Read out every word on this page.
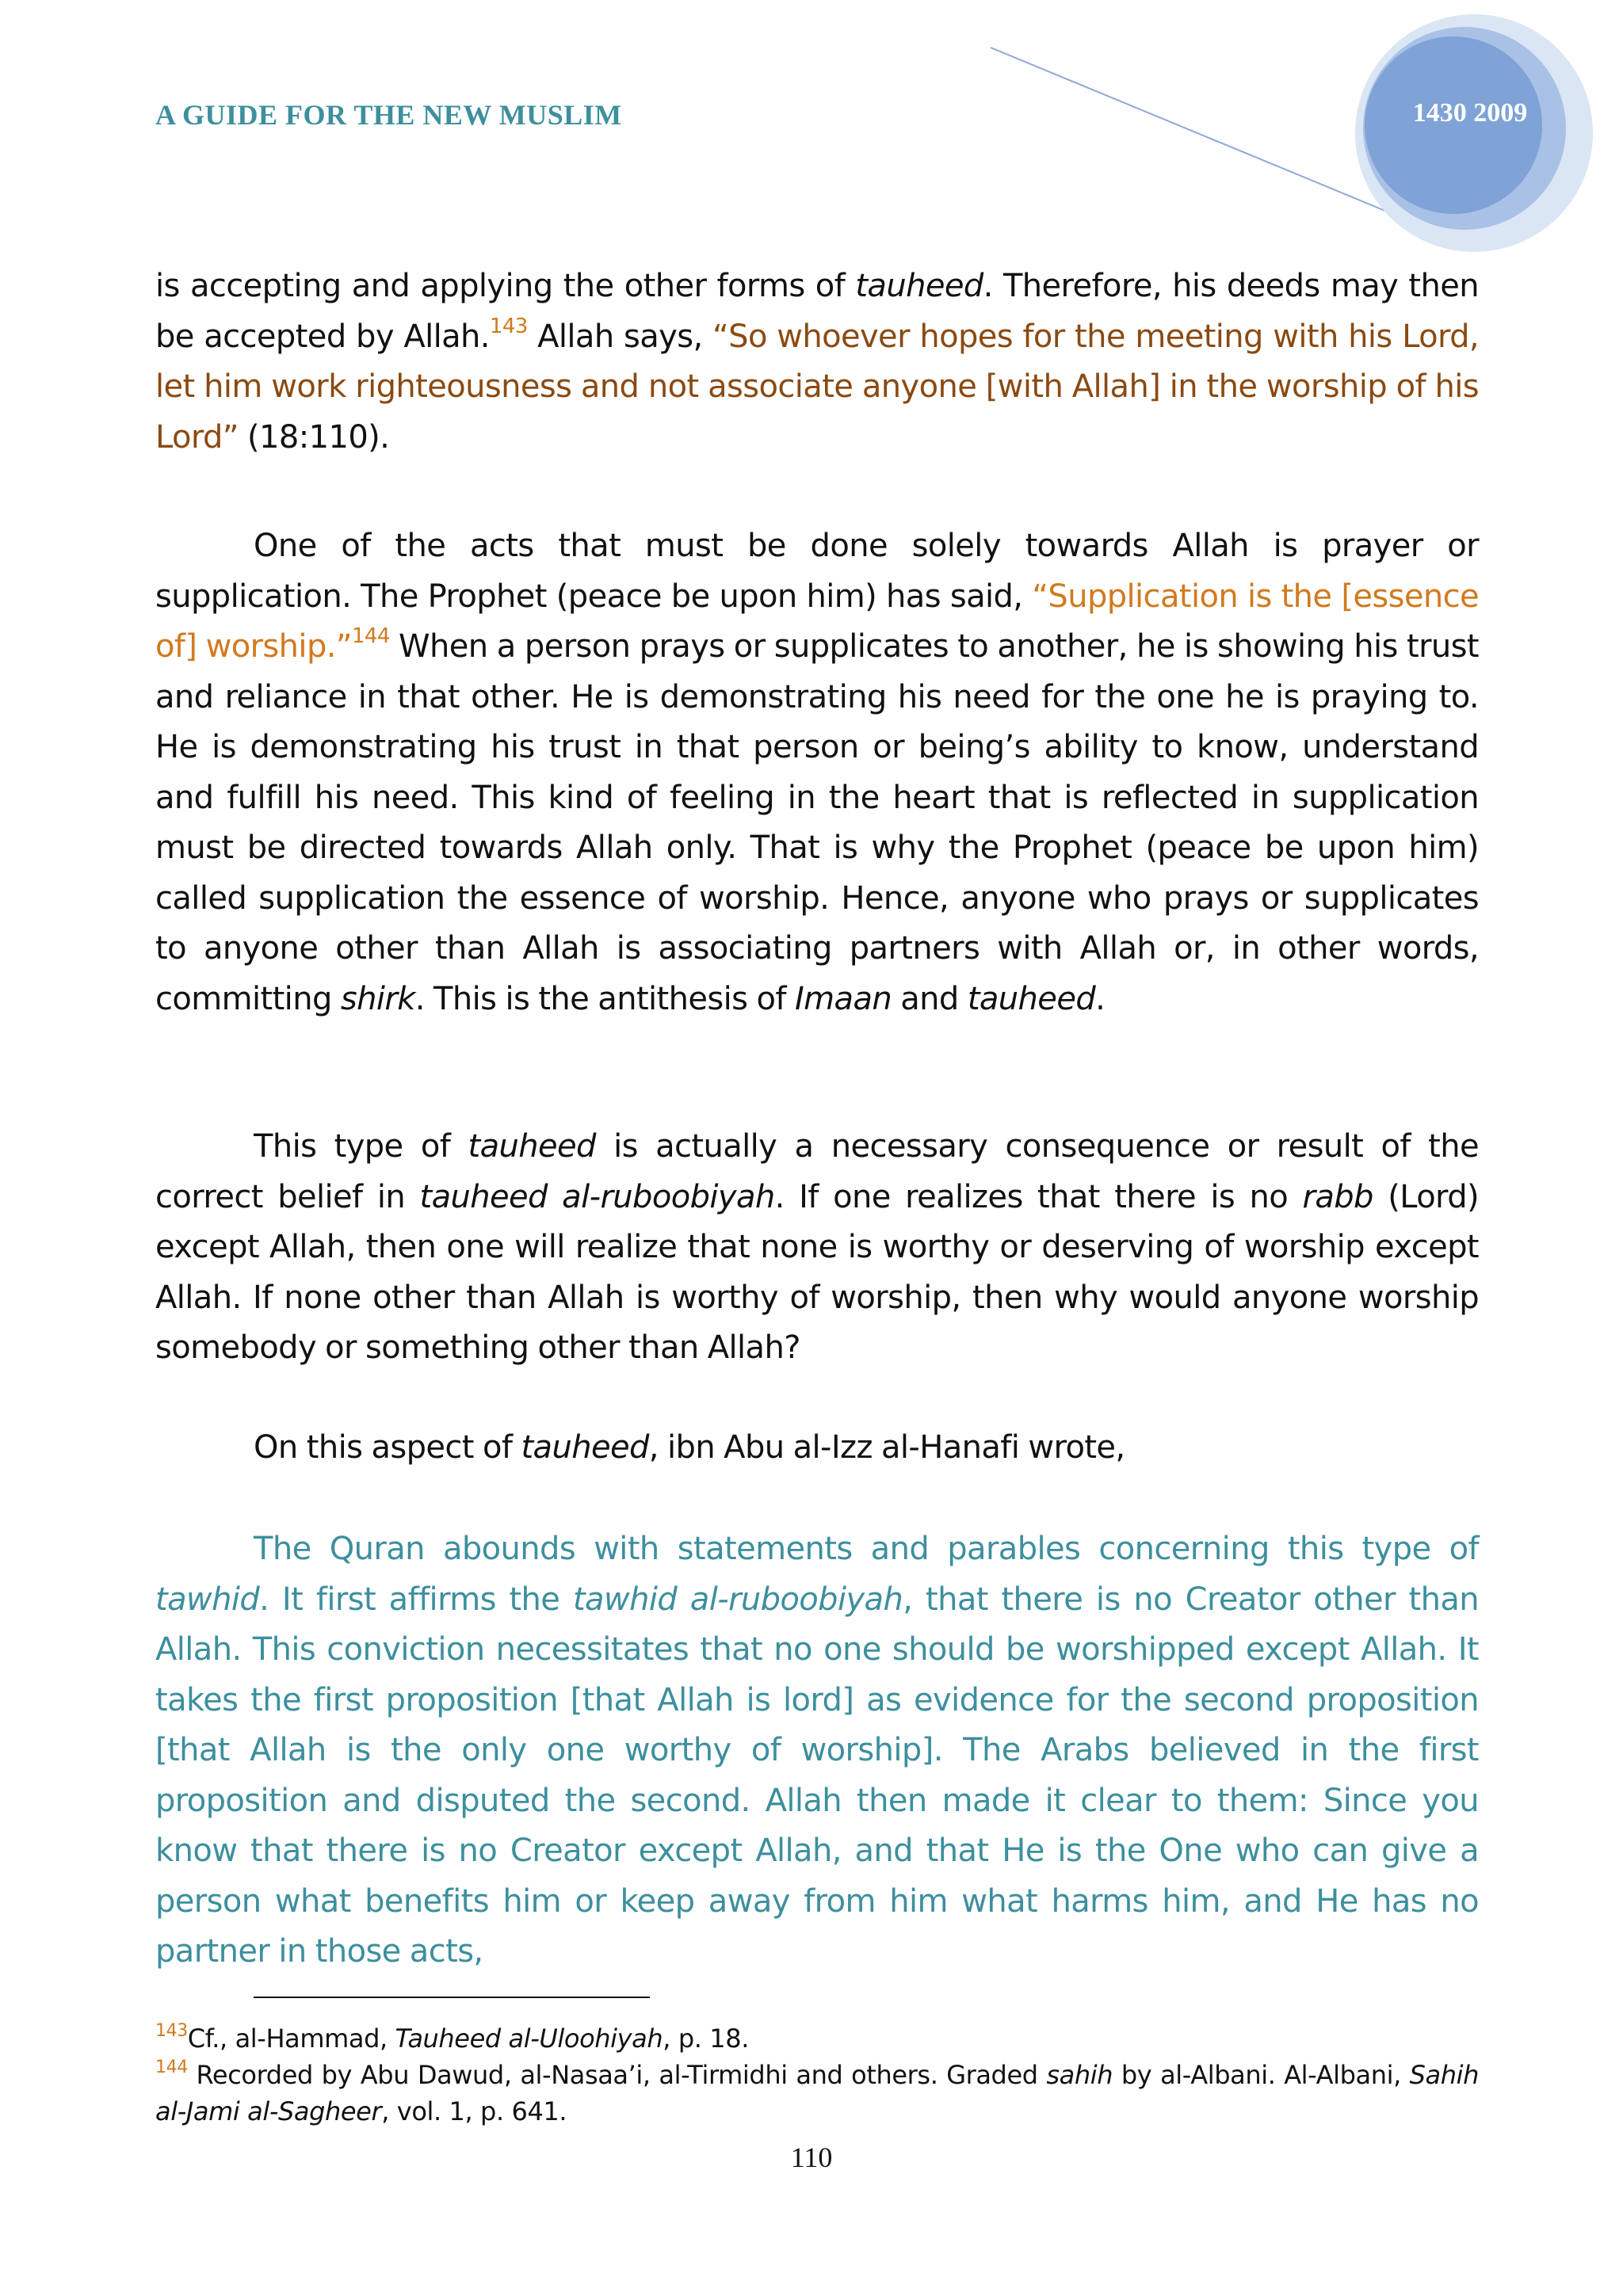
A GUIDE FOR THE NEW MUSLIM	1430 2009

is accepting and applying the other forms of tauheed. Therefore, his deeds may then be accepted by Allah.$^{143}$ Allah says, “So whoever hopes for the meeting with his Lord, let him work righteousness and not associate anyone [with Allah] in the worship of his Lord” (18:110).

One of the acts that must be done solely towards Allah is prayer or supplication. The Prophet (peace be upon him) has said, “Supplication is the [essence of] worship.”$^{144}$ When a person prays or supplicates to another, he is showing his trust and reliance in that other. He is demonstrating his need for the one he is praying to. He is demonstrating his trust in that person or being’s ability to know, understand and fulfill his need. This kind of feeling in the heart that is reflected in supplication must be directed towards Allah only. That is why the Prophet (peace be upon him) called supplication the essence of worship. Hence, anyone who prays or supplicates to anyone other than Allah is associating partners with Allah or, in other words, committing shirk. This is the antithesis of Imaan and tauheed.

This type of tauheed is actually a necessary consequence or result of the correct belief in tauheed al-ruboobiyah. If one realizes that there is no rabb (Lord) except Allah, then one will realize that none is worthy or deserving of worship except Allah. If none other than Allah is worthy of worship, then why would anyone worship somebody or something other than Allah?

On this aspect of tauheed, ibn Abu al-Izz al-Hanafi wrote,

The Quran abounds with statements and parables concerning this type of tawhid. It first affirms the tawhid al-ruboobiyah, that there is no Creator other than Allah. This conviction necessitates that no one should be worshipped except Allah. It takes the first proposition [that Allah is lord] as evidence for the second proposition [that Allah is the only one worthy of worship]. The Arabs believed in the first proposition and disputed the second. Allah then made it clear to them: Since you know that there is no Creator except Allah, and that He is the One who can give a person what benefits him or keep away from him what harms him, and He has no partner in those acts,

$^{143}$Cf., al-Hammad, Tauheed al-Uloohiyah, p. 18.
$^{144}$ Recorded by Abu Dawud, al-Nasaa’i, al-Tirmidhi and others. Graded sahih by al-Albani. Al-Albani, Sahih al-Jami al-Sagheer, vol. 1, p. 641.
110
